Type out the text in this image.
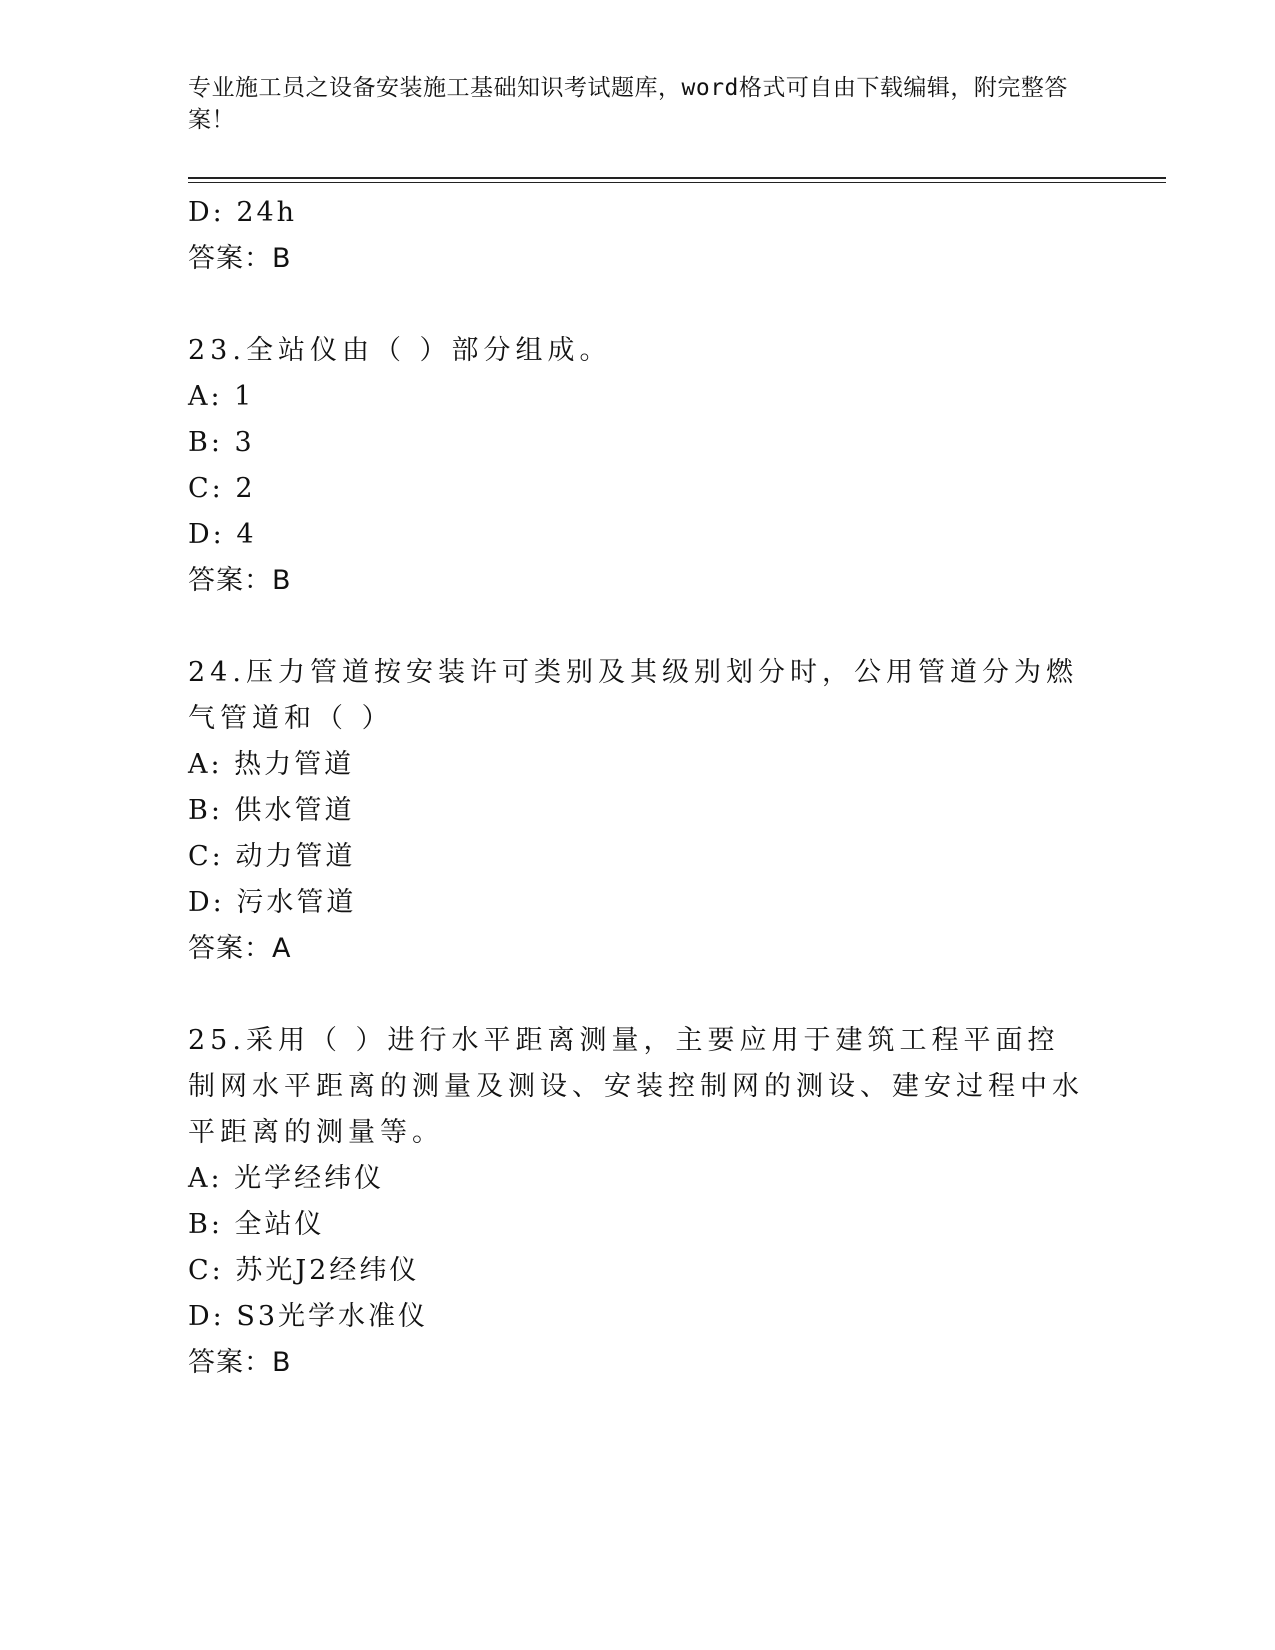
专业施工员之设备安装施工基础知识考试题库，word格式可自由下载编辑，附完整答案！
D: 24h
答案：B
23.全站仪由（ ）部分组成。
A: 1
B: 3
C: 2
D: 4
答案：B
24.压力管道按安装许可类别及其级别划分时，公用管道分为燃气管道和（ ）
A: 热力管道
B: 供水管道
C: 动力管道
D: 污水管道
答案：A
25.采用（ ）进行水平距离测量，主要应用于建筑工程平面控制网水平距离的测量及测设、安装控制网的测设、建安过程中水平距离的测量等。
A: 光学经纬仪
B: 全站仪
C: 苏光J2经纬仪
D: S3光学水准仪
答案：B
